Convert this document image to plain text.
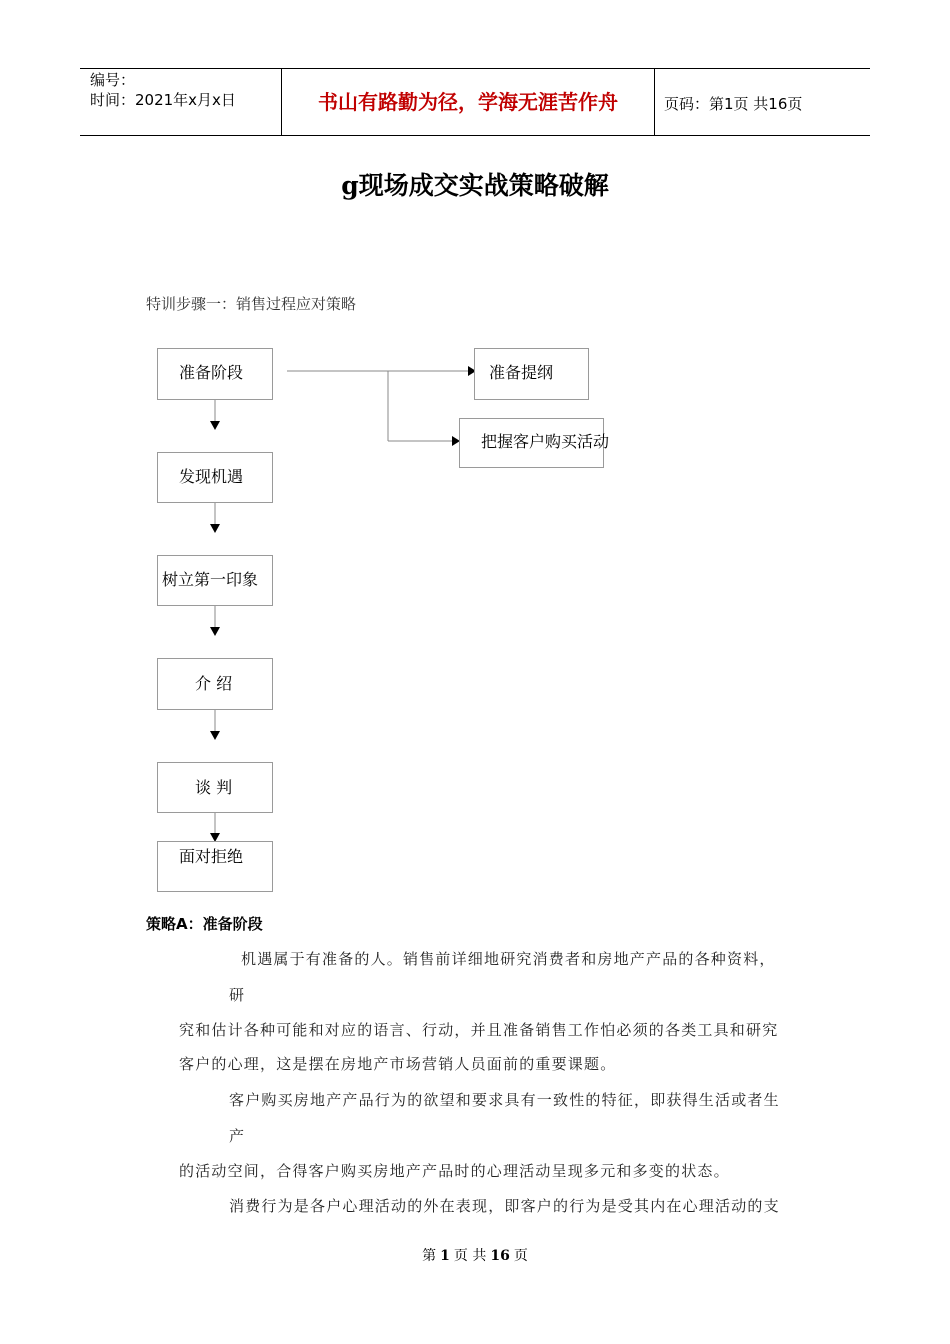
编号：
时间：2021年x月x日	书山有路勤为径，学海无涯苦作舟	页码：第1页 共16页
g现场成交实战策略破解
特训步骤一：销售过程应对策略
准备阶段
发现机遇
树立第一印象
介 绍
谈 判
面对拒绝
准备提纲
把握客户购买活动
策略A：准备阶段
机遇属于有准备的人。销售前详细地研究消费者和房地产产品的各种资料，
研
究和估计各种可能和对应的语言、行动，并且准备销售工作怕必须的各类工具和研究
客户的心理，这是摆在房地产市场营销人员面前的重要课题。
客户购买房地产产品行为的欲望和要求具有一致性的特征，即获得生活或者生
产
的活动空间，合得客户购买房地产产品时的心理活动呈现多元和多变的状态。
消费行为是各户心理活动的外在表现，即客户的行为是受其内在心理活动的支
第 1 页 共 16 页
